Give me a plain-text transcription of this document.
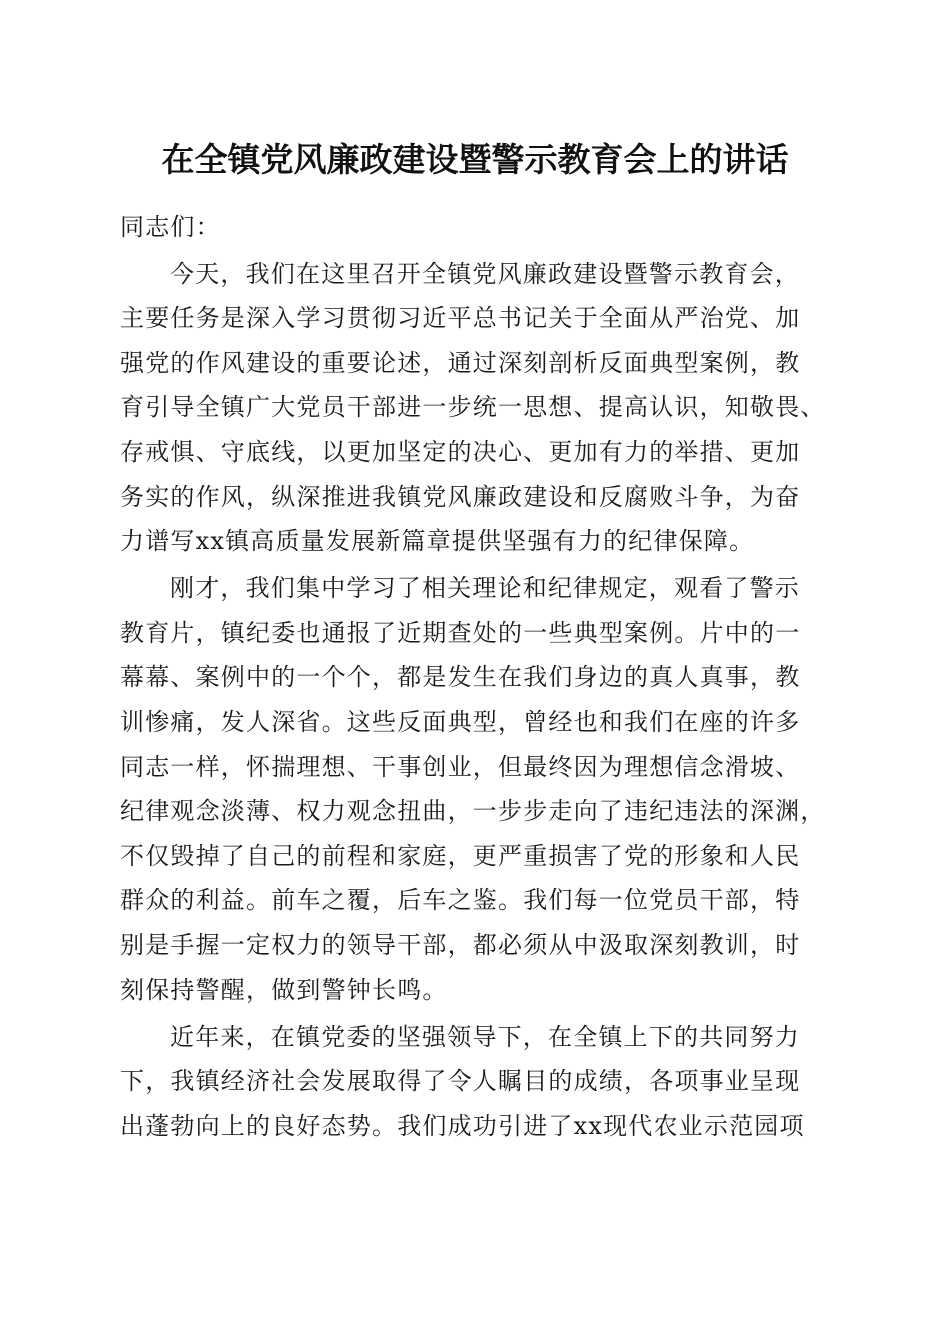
在全镇党风廉政建设暨警示教育会上的讲话
同志们：
今天，我们在这里召开全镇党风廉政建设暨警示教育会，
主要任务是深入学习贯彻习近平总书记关于全面从严治党、加
强党的作风建设的重要论述，通过深刻剖析反面典型案例，教
育引导全镇广大党员干部进一步统一思想、提高认识，知敬畏、
存戒惧、守底线，以更加坚定的决心、更加有力的举措、更加
务实的作风，纵深推进我镇党风廉政建设和反腐败斗争，为奋
力谱写xx镇高质量发展新篇章提供坚强有力的纪律保障。
刚才，我们集中学习了相关理论和纪律规定，观看了警示
教育片，镇纪委也通报了近期查处的一些典型案例。片中的一
幕幕、案例中的一个个，都是发生在我们身边的真人真事，教
训惨痛，发人深省。这些反面典型，曾经也和我们在座的许多
同志一样，怀揣理想、干事创业，但最终因为理想信念滑坡、
纪律观念淡薄、权力观念扭曲，一步步走向了违纪违法的深渊，
不仅毁掉了自己的前程和家庭，更严重损害了党的形象和人民
群众的利益。前车之覆，后车之鉴。我们每一位党员干部，特
别是手握一定权力的领导干部，都必须从中汲取深刻教训，时
刻保持警醒，做到警钟长鸣。
近年来，在镇党委的坚强领导下，在全镇上下的共同努力
下，我镇经济社会发展取得了令人瞩目的成绩，各项事业呈现
出蓬勃向上的良好态势。我们成功引进了xx现代农业示范园项
